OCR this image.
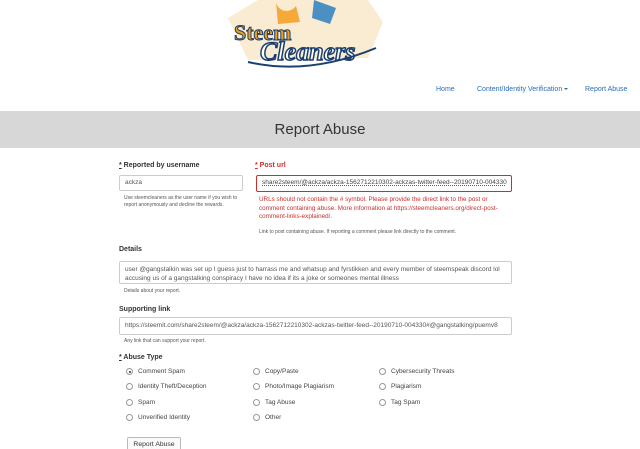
Steem
Cleaners
Home	Content/Identity Verification	Report Abuse
Report Abuse
* Reported by username
ackza
Use steemcleaners as the user name if you wish to report anonymously and decline the rewards.
* Post url
share2steem/@ackza/ackza-1562712210302-ackzas-twitter-feed--20190710-004330
URLs should not contain the # symbol. Please provide the direct link to the post or comment containing abuse. More information at https://steemcleaners.org/direct-post-comment-links-explained/.
Link to post containing abuse. If reporting a comment please link directly to the comment.
Details
user @gangstalkin was set up I guess just to harrass me and whatsup and fyrstikken and every member of steemspeak discord lol accusing us of a gangstalking conspiracy I have no idea if its a joke or someones mental illness
Details about your report.
Supporting link
https://steemit.com/share2steem/@ackza/ackza-1562712210302-ackzas-twitter-feed--20190710-004330#@gangstalking/puemv8
Any link that can support your report.
* Abuse Type
Comment Spam	Copy/Paste	Cybersecurity Threats
Identity Theft/Deception	Photo/Image Plagiarism	Plagiarism
Spam	Tag Abuse	Tag Spam
Unverified Identity	Other
Report Abuse
